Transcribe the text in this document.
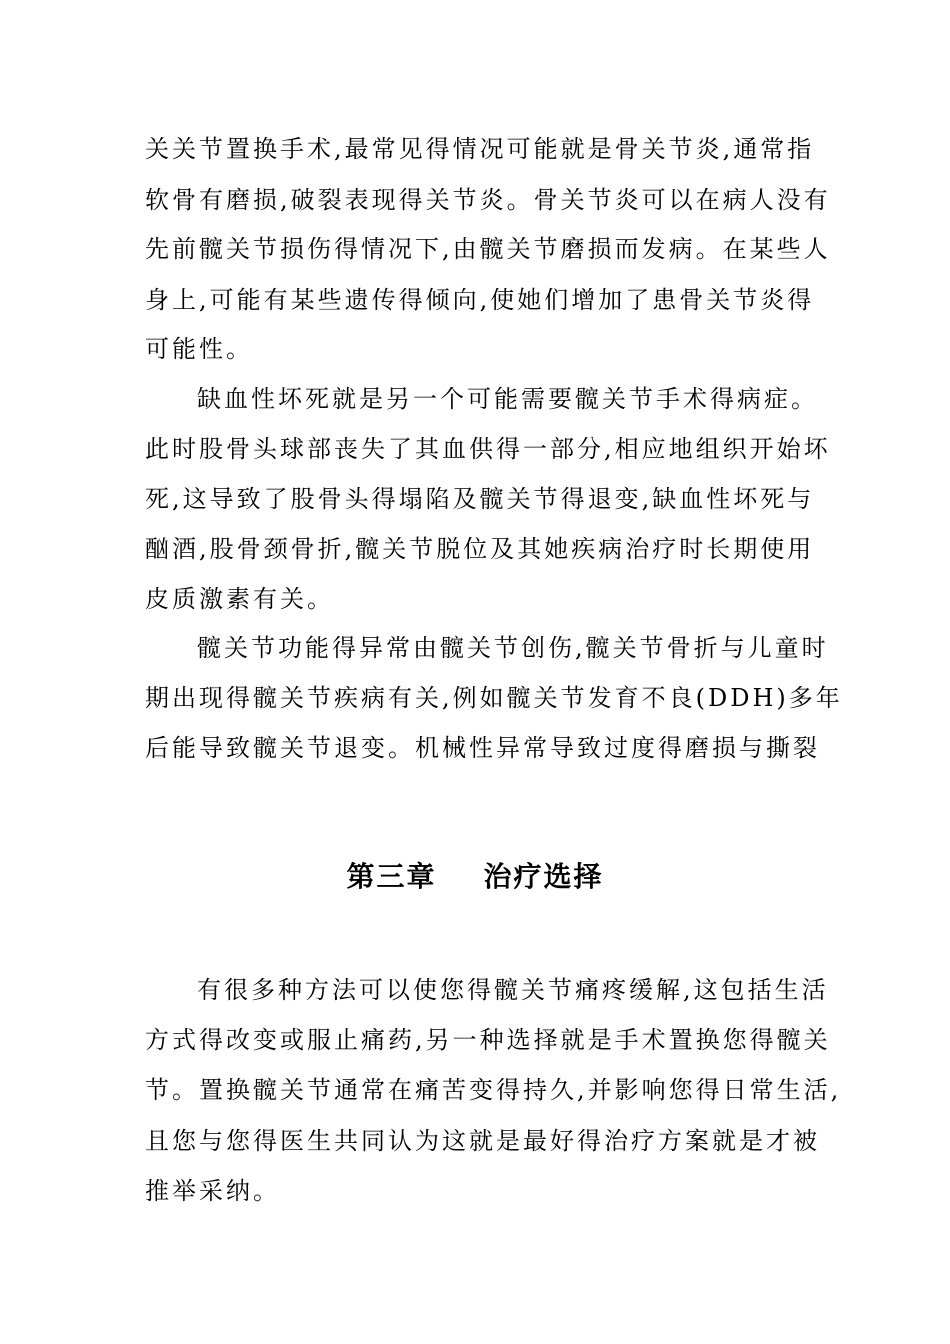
关关节置换手术,最常见得情况可能就是骨关节炎,通常指
软骨有磨损,破裂表现得关节炎。骨关节炎可以在病人没有
先前髋关节损伤得情况下,由髋关节磨损而发病。在某些人
身上,可能有某些遗传得倾向,使她们增加了患骨关节炎得
可能性。
缺血性坏死就是另一个可能需要髋关节手术得病症。
此时股骨头球部丧失了其血供得一部分,相应地组织开始坏
死,这导致了股骨头得塌陷及髋关节得退变,缺血性坏死与
酗酒,股骨颈骨折,髋关节脱位及其她疾病治疗时长期使用
皮质激素有关。
髋关节功能得异常由髋关节创伤,髋关节骨折与儿童时
期出现得髋关节疾病有关,例如髋关节发育不良(DDH)多年
后能导致髋关节退变。机械性异常导致过度得磨损与撕裂
第三章    治疗选择
有很多种方法可以使您得髋关节痛疼缓解,这包括生活
方式得改变或服止痛药,另一种选择就是手术置换您得髋关
节。置换髋关节通常在痛苦变得持久,并影响您得日常生活,
且您与您得医生共同认为这就是最好得治疗方案就是才被
推举采纳。
